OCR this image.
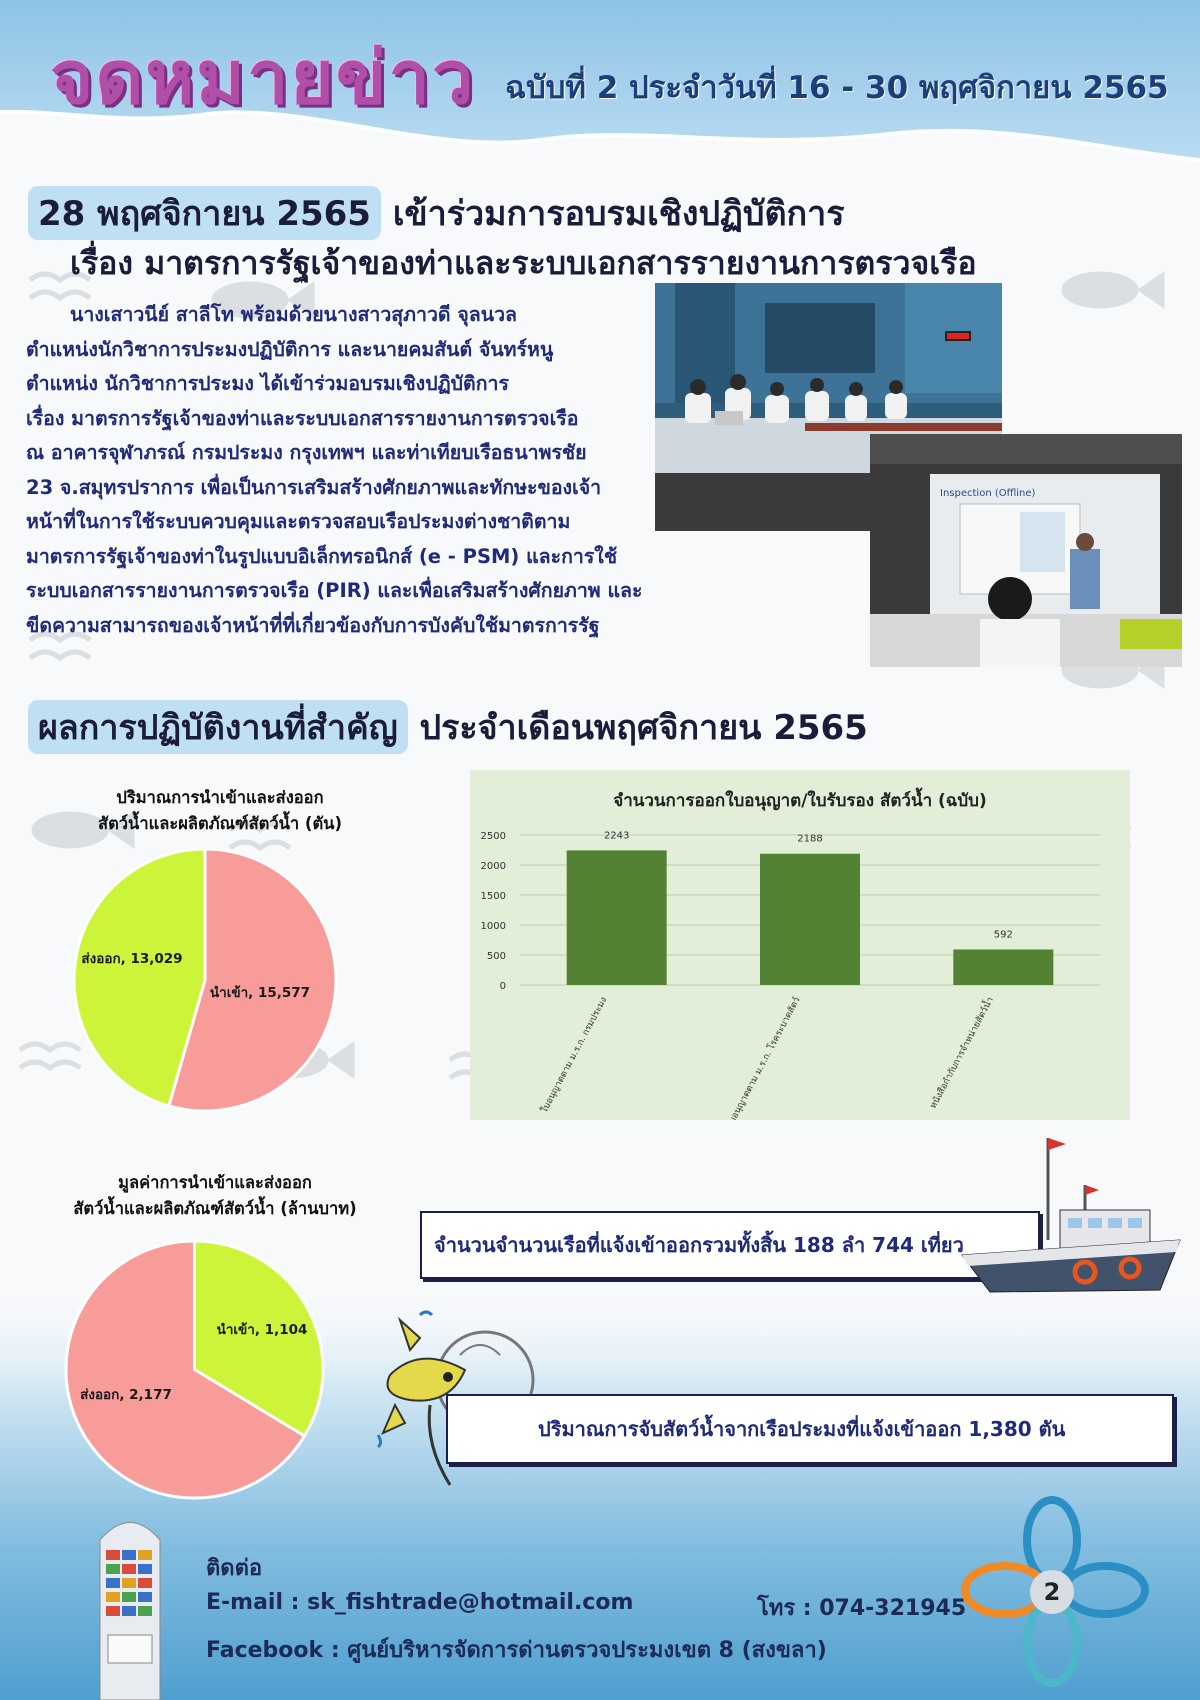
จดหมายข่าว ฉบับที่ 2 ประจำวันที่ 16 - 30 พฤศจิกายน 2565
28 พฤศจิกายน 2565 เข้าร่วมการอบรมเชิงปฏิบัติการ
เรื่อง มาตรการรัฐเจ้าของท่าและระบบเอกสารรายงานการตรวจเรือ
นางเสาวนีย์ สาลีโท พร้อมด้วยนางสาวสุภาวดี จุลนวล
ตำแหน่งนักวิชาการประมงปฏิบัติการ และนายคมสันต์ จันทร์หนู
ตำแหน่ง นักวิชาการประมง ได้เข้าร่วมอบรมเชิงปฏิบัติการ
เรื่อง มาตรการรัฐเจ้าของท่าและระบบเอกสารรายงานการตรวจเรือ
ณ อาคารจุฬาภรณ์ กรมประมง กรุงเทพฯ และท่าเทียบเรือธนาพรชัย
23 จ.สมุทรปราการ เพื่อเป็นการเสริมสร้างศักยภาพและทักษะของเจ้า
หน้าที่ในการใช้ระบบควบคุมและตรวจสอบเรือประมงต่างชาติตาม
มาตรการรัฐเจ้าของท่าในรูปแบบอิเล็กทรอนิกส์ (e - PSM) และการใช้
ระบบเอกสารรายงานการตรวจเรือ (PIR) และเพื่อเสริมสร้างศักยภาพ และ
ขีดความสามารถของเจ้าหน้าที่ที่เกี่ยวข้องกับการบังคับใช้มาตรการรัฐ
Inspection (Offline)
ผลการปฏิบัติงานที่สำคัญ ประจำเดือนพฤศจิกายน 2565
ปริมาณการนำเข้าและส่งออก
สัตว์น้ำและผลิตภัณฑ์สัตว์น้ำ (ตัน)
นำเข้า, 15,577
ส่งออก, 13,029
จำนวนการออกใบอนุญาต/ใบรับรอง สัตว์น้ำ (ฉบับ)
0
500
1000
1500
2000
2500	2243
ใบอนุญาตตาม ม.ร.ก. กรมประมง
2188
ใบอนุญาตตาม ม.ร.ก. โรคระบาดสัตว์
592
หนังสือกำกับการจำหน่ายสัตว์น้ำ
มูลค่าการนำเข้าและส่งออก
สัตว์น้ำและผลิตภัณฑ์สัตว์น้ำ (ล้านบาท)
นำเข้า, 1,104
ส่งออก, 2,177
จำนวนจำนวนเรือที่แจ้งเข้าออกรวมทั้งสิ้น 188 ลำ 744 เที่ยว
ปริมาณการจับสัตว์น้ำจากเรือประมงที่แจ้งเข้าออก 1,380 ตัน
ติดต่อ
E-mail : sk_fishtrade@hotmail.com	โทร : 074-321945
Facebook : ศูนย์บริหารจัดการด่านตรวจประมงเขต 8 (สงขลา)
2
